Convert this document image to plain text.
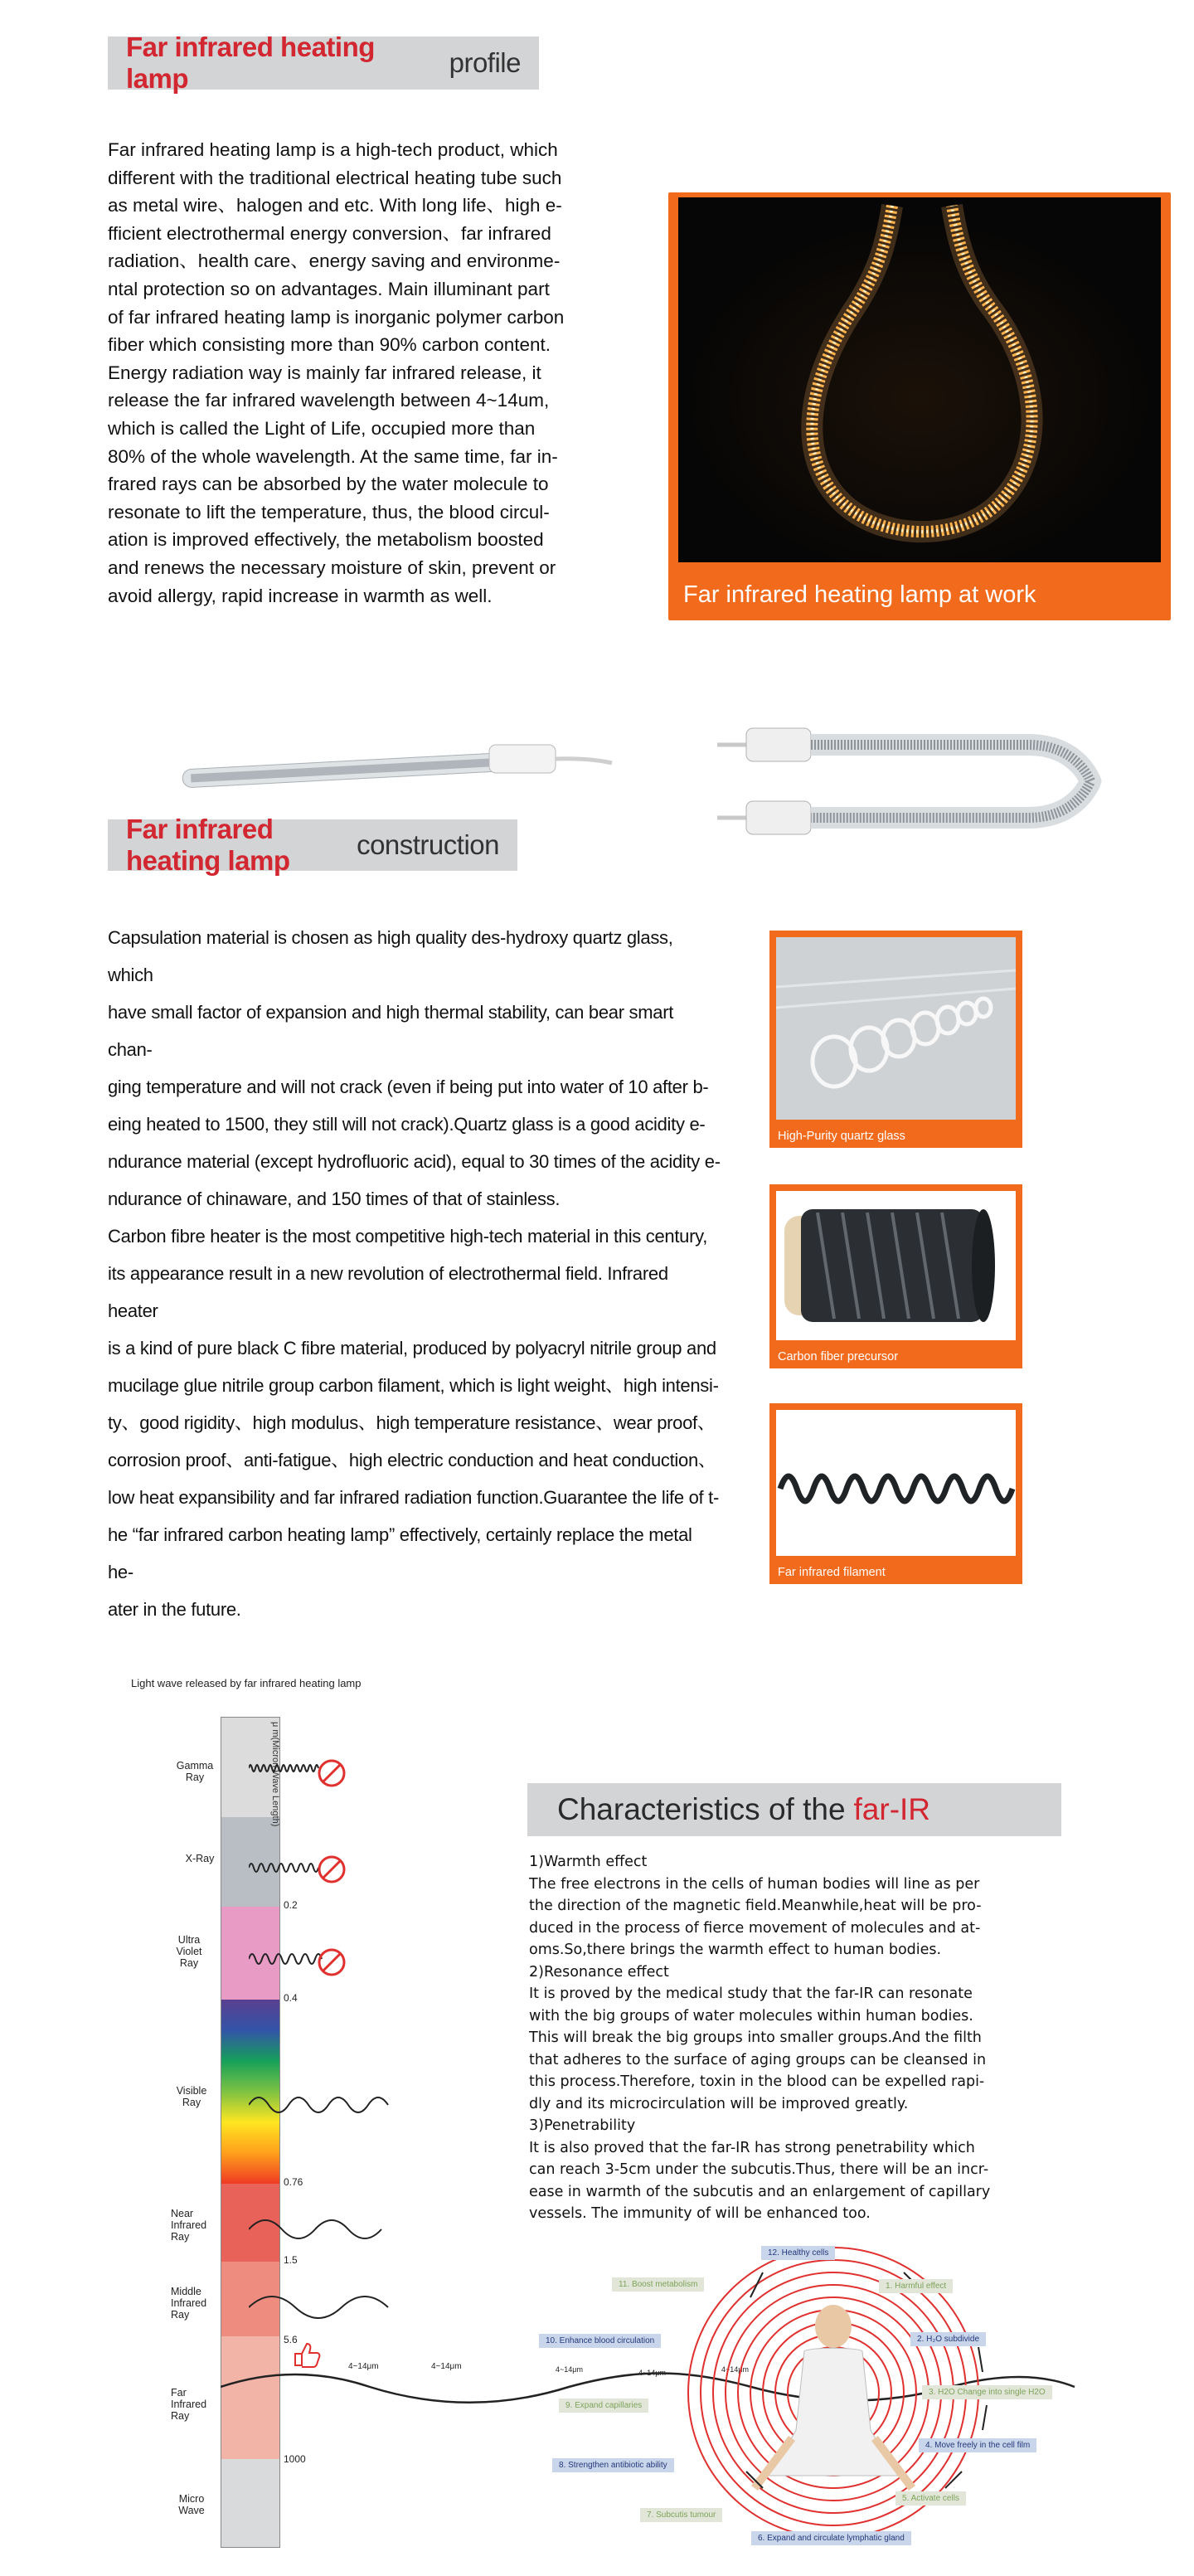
Far infrared heating lamp
profile
Far infrared heating lamp is a high-tech product, which
different with the traditional electrical heating tube such
as metal wire、halogen and etc. With long life、high e-
fficient electrothermal energy conversion、far infrared
radiation、health care、energy saving and environme-
ntal protection so on advantages. Main illuminant part
of far infrared heating lamp is inorganic polymer carbon
fiber which consisting more than 90% carbon content.
Energy radiation way is mainly far infrared release, it
release the far infrared wavelength between 4~14um,
which is called the Light of Life, occupied more than
80% of the whole wavelength. At the same time, far in-
frared rays can be absorbed by the water molecule to
resonate to lift the temperature, thus, the blood circul-
ation is improved effectively, the metabolism boosted
and renews the necessary moisture of skin, prevent or
avoid allergy, rapid increase in warmth as well.	Far infrared heating lamp at work
Far infrared heating lamp
construction
Capsulation material is chosen as high quality des-hydroxy quartz glass, which
have small factor of expansion and high thermal stability, can bear smart chan-
ging temperature and will not crack (even if being put into water of 10 after b-
eing heated to 1500, they still will not crack).Quartz glass is a good acidity e-
ndurance material (except hydrofluoric acid), equal to 30 times of the acidity e-
ndurance of chinaware, and 150 times of that of stainless.
Carbon fibre heater is the most competitive high-tech material in this century,
its appearance result in a new revolution of electrothermal field. Infrared heater
is a kind of pure black C fibre material, produced by polyacryl nitrile group and
mucilage glue nitrile group carbon filament, which is light weight、high intensi-
ty、good rigidity、high modulus、high temperature resistance、wear proof、
corrosion proof、anti-fatigue、high electric conduction and heat conduction、
low heat expansibility and far infrared radiation function.Guarantee the life of t-
he “far infrared carbon heating lamp” effectively, certainly replace the metal he-
ater in the future.
High-Purity quartz glass
Carbon fiber precursor
Far infrared filament
Light wave released by far infrared heating lamp
μ m(Micron Wave Length)
Gamma Ray
X-Ray
Ultra Violet Ray
Visible Ray
Near Infrared Ray
Middle Infrared Ray
Far Infrared Ray
Micro Wave
0.2
0.4
0.76
1.5
5.6
1000
4~14μm	4~14μm	4~14μm	4~14μm	4~14μm
Characteristics of the far-IR
1)Warmth effect
The free electrons in the cells of human bodies will line as per
the direction of the magnetic field.Meanwhile,heat will be pro-
duced in the process of fierce movement of molecules and at-
oms.So,there brings the warmth effect to human bodies.
2)Resonance effect
It is proved by the medical study that the far-IR can resonate
with the big groups of water molecules within human bodies.
This will break the big groups into smaller groups.And the filth
that adheres to the surface of aging groups can be cleansed in
this process.Therefore, toxin in the blood can be expelled rapi-
dly and its microcirculation will be improved greatly.
3)Penetrability
It is also proved that the far-IR has strong penetrability which
can reach 3-5cm under the subcutis.Thus, there will be an incr-
ease in warmth of the subcutis and an enlargement of capillary
vessels. The immunity of will be enhanced too.
12. Healthy cells
1. Harmful effect
2. H₂O subdivide
3. H2O Change into single H2O
4. Move freely in the cell film
5. Activate cells
6. Expand and circulate lymphatic gland
7. Subcutis tumour
8. Strengthen antibiotic ability
9. Expand capillaries
10. Enhance blood circulation
11. Boost metabolism
